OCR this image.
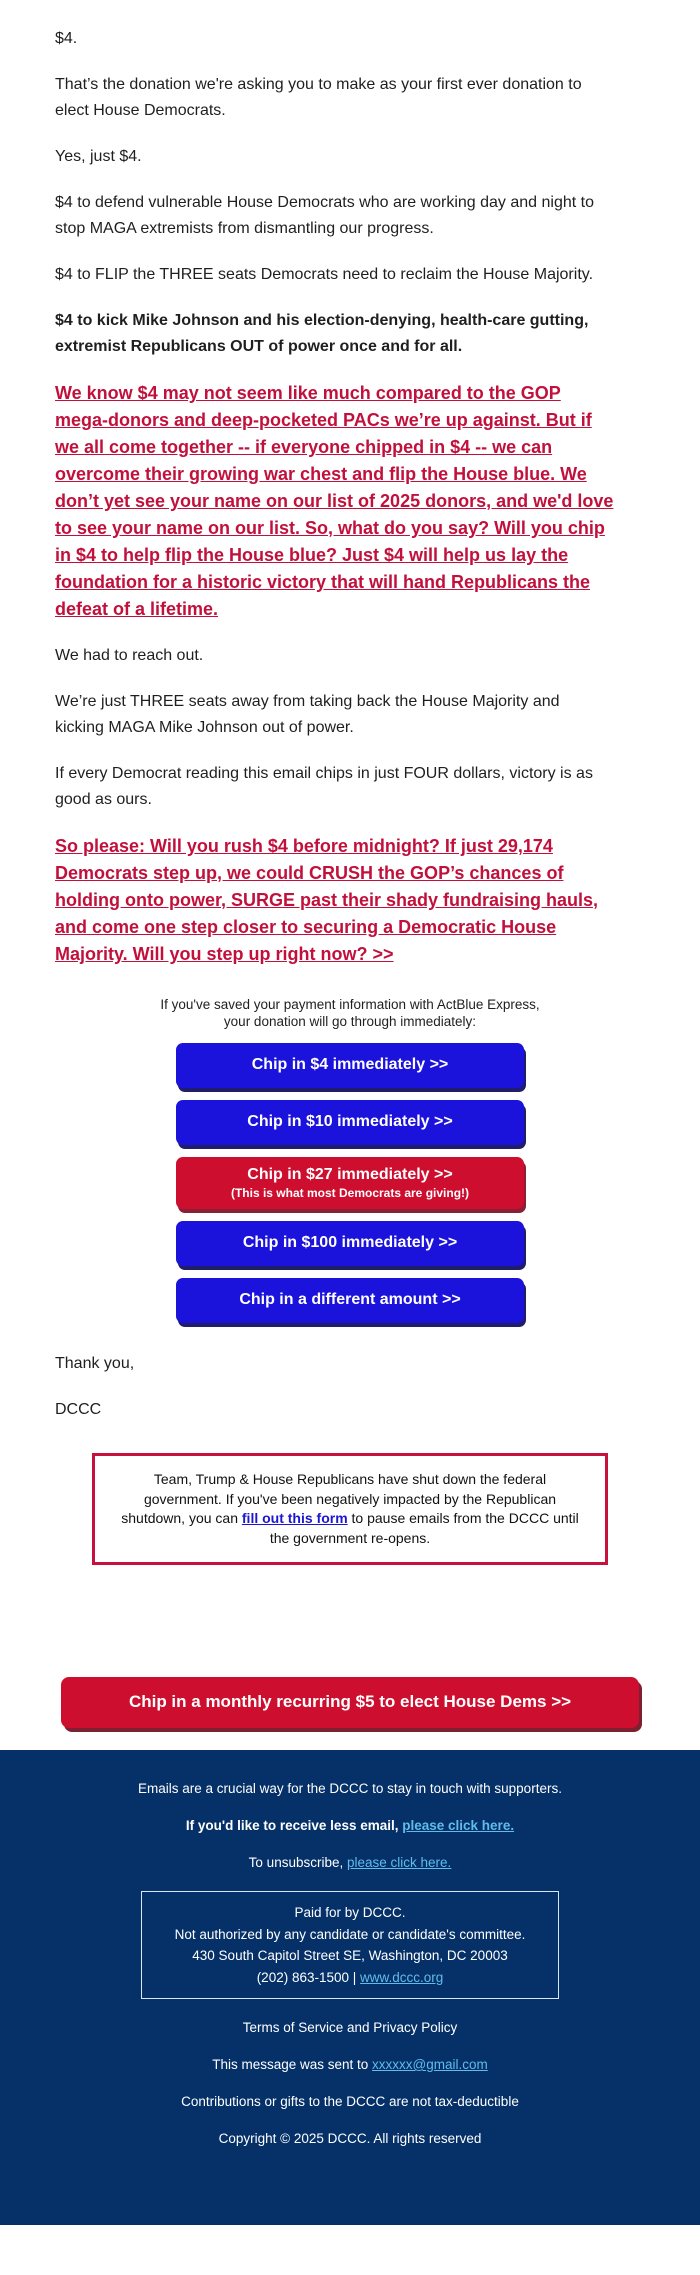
$4.

That’s the donation we're asking you to make as your first ever donation to elect House Democrats.

Yes, just $4.

$4 to defend vulnerable House Democrats who are working day and night to stop MAGA extremists from dismantling our progress.

$4 to FLIP the THREE seats Democrats need to reclaim the House Majority.

$4 to kick Mike Johnson and his election-denying, health-care gutting, extremist Republicans OUT of power once and for all.

We know $4 may not seem like much compared to the GOP mega-donors and deep-pocketed PACs we’re up against. But if we all come together -- if everyone chipped in $4 -- we can overcome their growing war chest and flip the House blue. We don’t yet see your name on our list of 2025 donors, and we'd love to see your name on our list. So, what do you say? Will you chip in $4 to help flip the House blue? Just $4 will help us lay the foundation for a historic victory that will hand Republicans the defeat of a lifetime.

We had to reach out.

We’re just THREE seats away from taking back the House Majority and kicking MAGA Mike Johnson out of power.

If every Democrat reading this email chips in just FOUR dollars, victory is as good as ours.

So please: Will you rush $4 before midnight? If just 29,174 Democrats step up, we could CRUSH the GOP’s chances of holding onto power, SURGE past their shady fundraising hauls, and come one step closer to securing a Democratic House Majority. Will you step up right now? >>

If you've saved your payment information with ActBlue Express,
your donation will go through immediately:
Chip in $4 immediately >>
Chip in $10 immediately >>
Chip in $27 immediately >>
(This is what most Democrats are giving!)
Chip in $100 immediately >>
Chip in a different amount >>

Thank you,

DCCC

Team, Trump & House Republicans have shut down the federal government. If you've been negatively impacted by the Republican shutdown, you can fill out this form to pause emails from the DCCC until the government re-opens.
Chip in a monthly recurring $5 to elect House Dems >>

Emails are a crucial way for the DCCC to stay in touch with supporters.

If you'd like to receive less email, please click here.

To unsubscribe, please click here.

Paid for by DCCC.
Not authorized by any candidate or candidate's committee.
430 South Capitol Street SE, Washington, DC 20003
(202) 863-1500 | www.dccc.org

Terms of Service and Privacy Policy

This message was sent to xxxxxx@gmail.com

Contributions or gifts to the DCCC are not tax-deductible

Copyright © 2025 DCCC. All rights reserved
